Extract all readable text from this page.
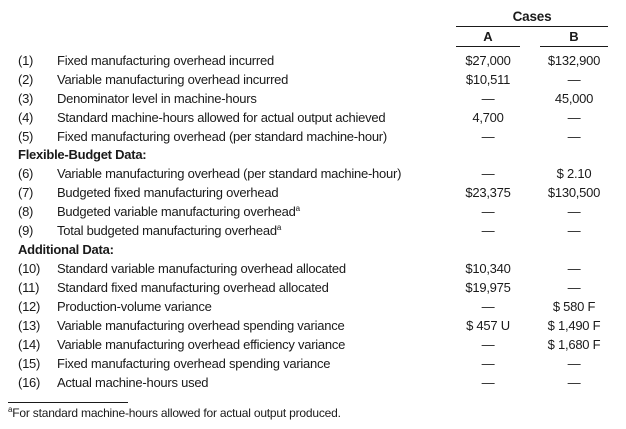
Cases
A	B
(1) Fixed manufacturing overhead incurred	$27,000	$132,900
(2) Variable manufacturing overhead incurred	$10,511	—
(3) Denominator level in machine-hours	—	45,000
(4) Standard machine-hours allowed for actual output achieved	4,700	—
(5) Fixed manufacturing overhead (per standard machine-hour)	—	—
(6) Variable manufacturing overhead (per standard machine-hour)	—	$ 2.10
(7) Budgeted fixed manufacturing overhead	$23,375	$130,500
(8) Budgeted variable manufacturing overhead$^a$	—	—
(9) Total budgeted manufacturing overhead$^a$	—	—
(10) Standard variable manufacturing overhead allocated	$10,340	—
(11) Standard fixed manufacturing overhead allocated	$19,975	—
(12) Production-volume variance	—	$ 580 F
(13) Variable manufacturing overhead spending variance	$ 457 U	$ 1,490 F
(14) Variable manufacturing overhead efficiency variance	—	$ 1,680 F
(15) Fixed manufacturing overhead spending variance	—	—
(16) Actual machine-hours used	—	—
Flexible-Budget Data:
Additional Data:
$^a$For standard machine-hours allowed for actual output produced.
